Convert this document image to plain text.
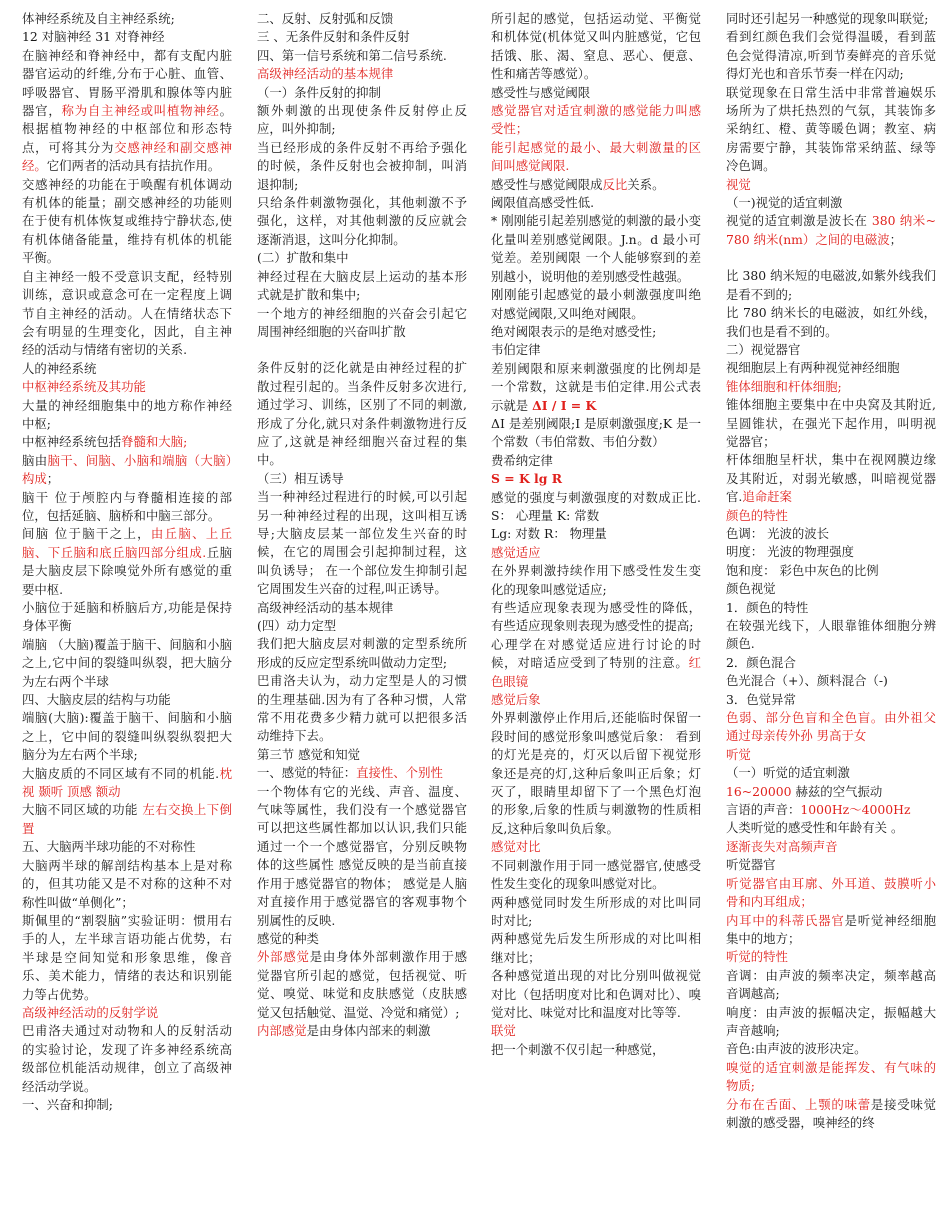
体神经系统及自主神经系统;

12 对脑神经 31 对脊神经

在脑神经和脊神经中，都有支配内脏器官运动的纤维,分布于心脏、血管、呼吸器官、胃肠平滑肌和腺体等内脏器官，称为自主神经或叫植物神经。根据植物神经的中枢部位和形态特点，可将其分为交感神经和副交感神经。它们两者的活动具有拮抗作用。

交感神经的功能在于唤醒有机体调动有机体的能量；副交感神经的功能则在于使有机体恢复或维持宁静状态,使有机体储备能量，维持有机体的机能平衡。

自主神经一般不受意识支配，经特别训练，意识或意念可在一定程度上调节自主神经的活动。人在情绪状态下会有明显的生理变化，因此，自主神经的活动与情绪有密切的关系.

人的神经系统

中枢神经系统及其功能

大量的神经细胞集中的地方称作神经中枢;

中枢神经系统包括脊髓和大脑;

脑由脑干、间脑、小脑和端脑（大脑）构成；

脑干 位于颅腔内与脊髓相连接的部位，包括延脑、脑桥和中脑三部分。

间脑 位于脑干之上，由丘脑、上丘脑、下丘脑和底丘脑四部分组成.丘脑是大脑皮层下除嗅觉外所有感觉的重要中枢.

小脑位于延脑和桥脑后方,功能是保持身体平衡

端脑 （大脑)覆盖于脑干、间脑和小脑之上,它中间的裂缝叫纵裂，把大脑分为左右两个半球

四、大脑皮层的结构与功能

端脑(大脑):覆盖于脑干、间脑和小脑之上，它中间的裂缝叫纵裂纵裂把大脑分为左右两个半球;

大脑皮质的不同区域有不同的机能.枕视 颞听 顶感 额动

大脑不同区域的功能 左右交换上下倒置

五、大脑两半球功能的不对称性

大脑两半球的解剖结构基本上是对称的，但其功能又是不对称的这种不对称性叫做“单侧化”；

斯佩里的“割裂脑”实验证明：惯用右手的人，左半球言语功能占优势，右半球是空间知觉和形象思维，像音乐、美术能力，情绪的表达和识别能力等占优势。

高级神经活动的反射学说

巴甫洛夫通过对动物和人的反射活动的实验讨论，发现了许多神经系统高级部位机能活动规律，创立了高级神经活动学说。

一、兴奋和抑制;

二、反射、反射弧和反馈

三 、无条件反射和条件反射

四、第一信号系统和第二信号系统.

高级神经活动的基本规律

（一）条件反射的抑制

额外刺激的出现使条件反射停止反应，叫外抑制;

当已经形成的条件反射不再给予强化的时候，条件反射也会被抑制，叫消退抑制;

只给条件刺激物强化，其他刺激不予强化，这样，对其他刺激的反应就会逐渐消退，这叫分化抑制。

(二）扩散和集中

神经过程在大脑皮层上运动的基本形式就是扩散和集中;

一个地方的神经细胞的兴奋会引起它周围神经细胞的兴奋叫扩散

条件反射的泛化就是由神经过程的扩散过程引起的。当条件反射多次进行,通过学习、训练，区别了不同的刺激,形成了分化,就只对条件刺激物进行反应了,这就是神经细胞兴奋过程的集中。

（三）相互诱导

当一种神经过程进行的时候,可以引起另一种神经过程的出现，这叫相互诱导;大脑皮层某一部位发生兴奋的时候，在它的周围会引起抑制过程，这叫负诱导； 在一个部位发生抑制引起它周围发生兴奋的过程,叫正诱导。

高级神经活动的基本规律

(四）动力定型

我们把大脑皮层对刺激的定型系统所形成的反应定型系统叫做动力定型;

巴甫洛夫认为，动力定型是人的习惯的生理基础.因为有了各种习惯，人常常不用花费多少精力就可以把很多活动维持下去。

第三节 感觉和知觉

一、感觉的特征：直接性、个别性

一个物体有它的光线、声音、温度、气味等属性，我们没有一个感觉器官可以把这些属性都加以认识,我们只能通过一个一个感觉器官，分别反映物体的这些属性 感觉反映的是当前直接作用于感觉器官的物体； 感觉是人脑对直接作用于感觉器官的客观事物个别属性的反映.

感觉的种类

外部感觉是由身体外部刺激作用于感觉器官所引起的感觉，包括视觉、听觉、嗅觉、味觉和皮肤感觉（皮肤感觉又包括触觉、温觉、冷觉和痛觉）;

内部感觉是由身体内部来的刺激

所引起的感觉，包括运动觉、平衡觉和机体觉(机体觉又叫内脏感觉，它包括饿、胀、渴、窒息、恶心、便意、性和痛苦等感觉）。

感受性与感觉阈限

感觉器官对适宜刺激的感觉能力叫感受性；

能引起感觉的最小、最大刺激量的区间叫感觉阈限.

感受性与感觉阈限成反比关系。

阈限值高感受性低.

* 刚刚能引起差别感觉的刺激的最小变化量叫差别感觉阈限。J.n。d 最小可觉差。差别阈限 一个人能够察到的差别越小，说明他的差别感受性越强。

刚刚能引起感觉的最小刺激强度叫绝对感觉阈限,又叫绝对阈限。

绝对阈限表示的是绝对感受性;

韦伯定律

差别阈限和原来刺激强度的比例却是一个常数，这就是韦伯定律.用公式表示就是 ΔI / I = K

ΔI 是差别阈限;I 是原刺激强度;K 是一个常数（韦伯常数、韦伯分数）

费希纳定律

S = K lg R

感觉的强度与刺激强度的对数成正比.S： 心理量 K: 常数

Lg: 对数 R： 物理量

感觉适应

在外界刺激持续作用下感受性发生变化的现象叫感觉适应;

有些适应现象表现为感受性的降低，有些适应现象则表现为感受性的提高;

心理学在对感觉适应进行讨论的时候，对暗适应受到了特别的注意。红色眼镜

感觉后象

外界刺激停止作用后,还能临时保留一段时间的感觉形象叫感觉后象： 看到的灯光是亮的，灯灭以后留下视觉形象还是亮的灯,这种后象叫正后象；灯灭了，眼睛里却留下了一个黑色灯泡的形象,后象的性质与刺激物的性质相反,这种后象叫负后象。

感觉对比

不同刺激作用于同一感觉器官,使感受性发生变化的现象叫感觉对比。

两种感觉同时发生所形成的对比叫同时对比;

两种感觉先后发生所形成的对比叫相继对比；

各种感觉道出现的对比分别叫做视觉对比（包括明度对比和色调对比）、嗅觉对比、味觉对比和温度对比等等.

联觉

把一个刺激不仅引起一种感觉，

同时还引起另一种感觉的现象叫联觉;

看到红颜色我们会觉得温暖，看到蓝色会觉得清凉,听到节奏鲜亮的音乐觉得灯光也和音乐节奏一样在闪动;

联觉现象在日常生活中非常普遍娱乐场所为了烘托热烈的气氛，其装饰多采纳红、橙、黄等暖色调；教室、病房需要宁静，其装饰常采纳蓝、绿等冷色调。

视觉

（一)视觉的适宜刺激

视觉的适宜刺激是波长在 380 纳米~780 纳米(nm）之间的电磁波；

比 380 纳米短的电磁波,如紫外线我们是看不到的;

比 780 纳米长的电磁波，如红外线，我们也是看不到的。

二）视觉器官

视细胞层上有两种视觉神经细胞

锥体细胞和杆体细胞;

锥体细胞主要集中在中央窝及其附近,呈圆锥状，在强光下起作用，叫明视觉器官；

杆体细胞呈杆状，集中在视网膜边缘及其附近，对弱光敏感，叫暗视觉器官.追命赶案

颜色的特性

色调： 光波的波长

明度： 光波的物理强度

饱和度： 彩色中灰色的比例

颜色视觉

1．颜色的特性

在较强光线下，人眼靠锥体细胞分辨颜色.

2．颜色混合

色光混合（+）、颜料混合（-)

3．色觉异常

色弱、部分色盲和全色盲。由外祖父通过母亲传外孙 男高于女

听觉

（一）听觉的适宜刺激

16~20000 赫兹的空气振动

言语的声音：1000Hz～4000Hz

人类听觉的感受性和年龄有关 。

逐渐丧失对高频声音

听觉器官

听觉器官由耳廓、外耳道、鼓膜听小骨和内耳组成；

内耳中的科蒂氏器官是听觉神经细胞集中的地方；

听觉的特性

音调：由声波的频率决定，频率越高音调越高;

响度：由声波的振幅决定，振幅越大声音越响;

音色:由声波的波形决定。

嗅觉的适宜刺激是能挥发、有气味的物质;

分布在舌面、上颚的味蕾是接受味觉刺激的感受器，嗅神经的终
